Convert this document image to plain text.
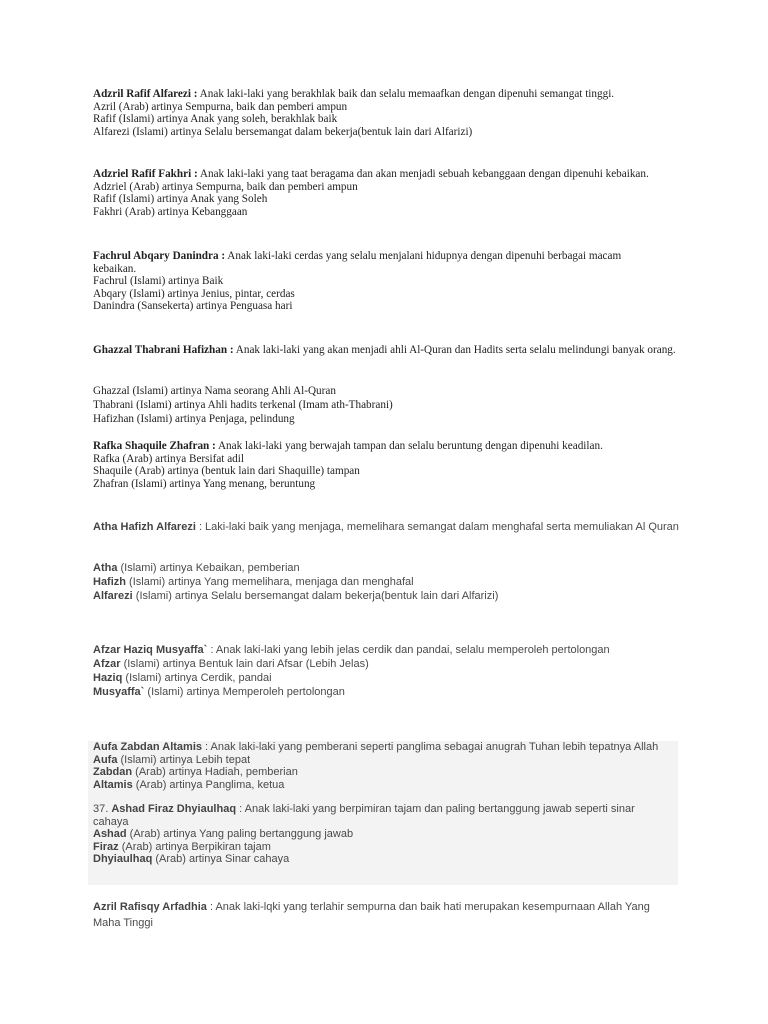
Adzril Rafif Alfarezi : Anak laki-laki yang berakhlak baik dan selalu memaafkan dengan dipenuhi semangat tinggi.

Azril (Arab) artinya Sempurna, baik dan pemberi ampun

Rafif (Islami) artinya Anak yang soleh, berakhlak baik

Alfarezi (Islami) artinya Selalu bersemangat dalam bekerja(bentuk lain dari Alfarizi)

Adzriel Rafif Fakhri : Anak laki-laki yang taat beragama dan akan menjadi sebuah kebanggaan dengan dipenuhi kebaikan.

Adzriel (Arab) artinya Sempurna, baik dan pemberi ampun

Rafif (Islami) artinya Anak yang Soleh

Fakhri (Arab) artinya Kebanggaan

Fachrul Abqary Danindra : Anak laki-laki cerdas yang selalu menjalani hidupnya dengan dipenuhi berbagai macam kebaikan.

Fachrul (Islami) artinya Baik

Abqary (Islami) artinya Jenius, pintar, cerdas

Danindra (Sansekerta) artinya Penguasa hari

Ghazzal Thabrani Hafizhan : Anak laki-laki yang akan menjadi ahli Al-Quran dan Hadits serta selalu melindungi banyak orang.

Ghazzal (Islami) artinya Nama seorang Ahli Al-Quran

Thabrani (Islami) artinya Ahli hadits terkenal (Imam ath-Thabrani)

Hafizhan (Islami) artinya Penjaga, pelindung

Rafka Shaquile Zhafran : Anak laki-laki yang berwajah tampan dan selalu beruntung dengan dipenuhi keadilan.

Rafka (Arab) artinya Bersifat adil

Shaquile (Arab) artinya (bentuk lain dari Shaquille) tampan

Zhafran (Islami) artinya Yang menang, beruntung

Atha Hafizh Alfarezi : Laki-laki baik yang menjaga, memelihara semangat dalam menghafal serta memuliakan Al Quran

Atha (Islami) artinya Kebaikan, pemberian

Hafizh (Islami) artinya Yang memelihara, menjaga dan menghafal

Alfarezi (Islami) artinya Selalu bersemangat dalam bekerja(bentuk lain dari Alfarizi)

Afzar Haziq Musyaffa` : Anak laki-laki yang lebih jelas cerdik dan pandai, selalu memperoleh pertolongan

Afzar (Islami) artinya Bentuk lain dari Afsar (Lebih Jelas)

Haziq (Islami) artinya Cerdik, pandai

Musyaffa` (Islami) artinya Memperoleh pertolongan

Aufa Zabdan Altamis : Anak laki-laki yang pemberani seperti panglima sebagai anugrah Tuhan lebih tepatnya Allah

Aufa (Islami) artinya Lebih tepat

Zabdan (Arab) artinya Hadiah, pemberian

Altamis (Arab) artinya Panglima, ketua

37. Ashad Firaz Dhyiaulhaq : Anak laki-laki yang berpimiran tajam dan paling bertanggung jawab seperti sinar cahaya

Ashad (Arab) artinya Yang paling bertanggung jawab

Firaz (Arab) artinya Berpikiran tajam

Dhyiaulhaq (Arab) artinya Sinar cahaya

Azril Rafisqy Arfadhia : Anak laki-lqki yang terlahir sempurna dan baik hati merupakan kesempurnaan Allah Yang Maha Tinggi
